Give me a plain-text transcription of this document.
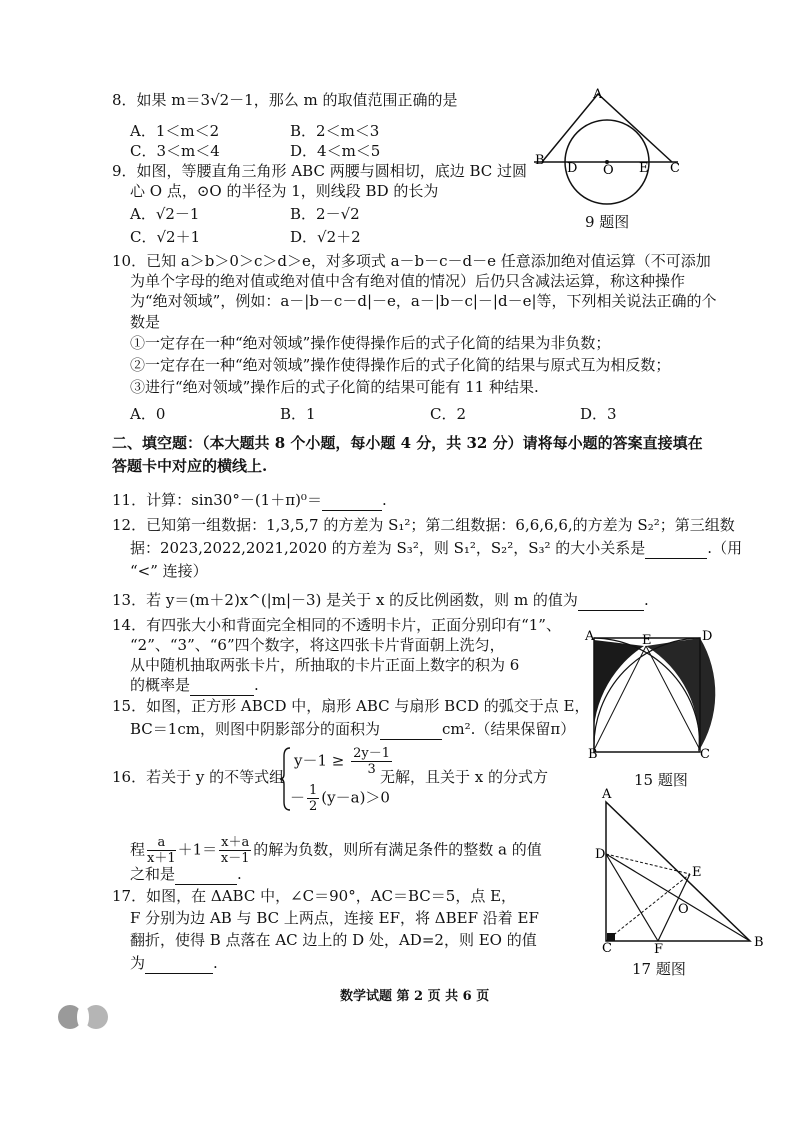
8．如果 m＝3√2－1，那么 m 的取值范围正确的是
A．1＜m＜2	B．2＜m＜3
C．3＜m＜4	D．4＜m＜5
9．如图，等腰直角三角形 ABC 两腰与圆相切，底边 BC 过圆
心 O 点，⊙O 的半径为 1，则线段 BD 的长为
A．√2－1	B．2－√2
C．√2＋1	D．√2＋2
A
B
D O E C
9 题图
10．已知 a＞b＞0＞c＞d＞e，对多项式 a－b－c－d－e 任意添加绝对值运算（不可添加
为单个字母的绝对值或绝对值中含有绝对值的情况）后仍只含减法运算，称这种操作
为“绝对领域”，例如：a－|b－c－d|－e，a－|b－c|－|d－e|等，下列相关说法正确的个
数是
①一定存在一种“绝对领域”操作使得操作后的式子化简的结果为非负数；
②一定存在一种“绝对领域”操作使得操作后的式子化简的结果与原式互为相反数；
③进行“绝对领域”操作后的式子化简的结果可能有 11 种结果.
A．0	B．1	C．2	D．3
二、填空题：（本大题共 8 个小题，每小题 4 分，共 32 分）请将每小题的答案直接填在
答题卡中对应的横线上.
11．计算：sin30°－(1＋π)⁰＝	.
12．已知第一组数据：1,3,5,7 的方差为 S₁²；第二组数据：6,6,6,6,的方差为 S₂²；第三组数
据：2023,2022,2021,2020 的方差为 S₃²，则 S₁²，S₂²，S₃² 的大小关系是	.（用
“<” 连接）
13．若 y＝(m＋2)x^(|m|－3) 是关于 x 的反比例函数，则 m 的值为	.
14．有四张大小和背面完全相同的不透明卡片，正面分别印有“1”、
“2”、“3”、“6”四个数字，将这四张卡片背面朝上洗匀，
从中随机抽取两张卡片，所抽取的卡片正面上数字的积为 6
的概率是	.
15．如图，正方形 ABCD 中，扇形 ABC 与扇形 BCD 的弧交于点 E，
BC＝1cm，则图中阴影部分的面积为	cm².（结果保留π）
A	D
E
B	C
15 题图
16．若关于 y 的不等式组
$y-1 \ge \frac{2y-1}{3}$
－ $\frac{1}{2} (y-a)>0$
无解，且关于 x 的分式方
程 $\frac{a}{x+1} +1= \frac{x+a}{x-1}$ 的解为负数，则所有满足条件的整数 a 的值
之和是	.
17．如图，在 ΔABC 中，∠C＝90°，AC＝BC＝5，点 E，
F 分别为边 AB 与 BC 上两点，连接 EF，将 ΔBEF 沿着 EF
翻折，使得 B 点落在 AC 边上的 D 处，AD=2，则 EO 的值
为	.
A
D
E
O
C	F	B
17 题图
数学试题 第 2 页 共 6 页
